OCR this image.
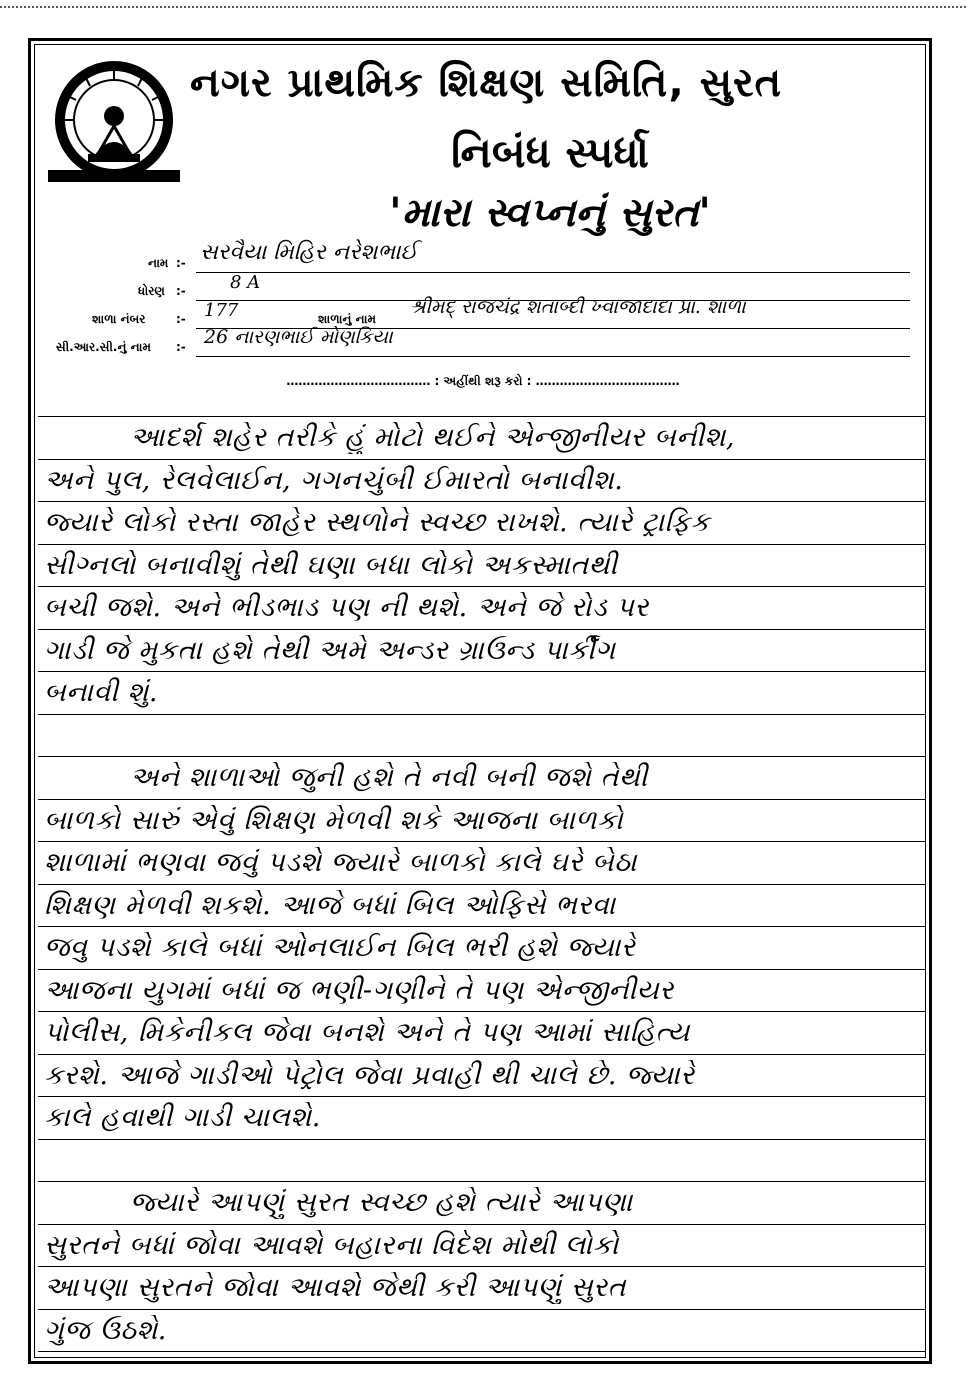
નગર પ્રાથમિક શિક્ષણ સમિતિ, સુરત
નિબંધ સ્પર્ધા
'મારા સ્વપ્નનું સુરત'
નામ :- સરવૈયા મિહિર નરેશભાઈ
ધોરણ :- 8 A
શાળા નંબર	:- 177	શાળાનું નામ
શ્રીમદ્ રાજચંદ્ર શતાબ્દી ખ્વાજાદાદા પ્રા. શાળા
સી.આર.સી.નું નામ :- 26 નારણભાઈ મોણકિયા
……………………………… : અહીંથી શરૂ કરો : ………………………………
આદર્શ શહેર તરીકે હું મોટો થઈને એન્જીનીયર બનીશ,
અને પુલ, રેલવેલાઈન, ગગનચુંબી ઈમારતો બનાવીશ.
જ્યારે લોકો રસ્તા જાહેર સ્થળોને સ્વચ્છ રાખશે. ત્યારે ટ્રાફિક
સીગ્નલો બનાવીશું તેથી ઘણા બધા લોકો અકસ્માતથી
બચી જશે. અને ભીડભાડ પણ ની થશે. અને જે રોડ પર
ગાડી જે મુકતા હશે તેથી અમે અન્ડર ગ્રાઉન્ડ પાર્કીંગ
બનાવી શું.
અને શાળાઓ જુની હશે તે નવી બની જશે તેથી
બાળકો સારું એવું શિક્ષણ મેળવી શકે આજના બાળકો
શાળામાં ભણવા જવું પડશે જ્યારે બાળકો કાલે ઘરે બેઠા
શિક્ષણ મેળવી શકશે. આજે બધાં બિલ ઓફિસે ભરવા
જવુ પડશે કાલે બધાં ઓનલાઈન બિલ ભરી હશે જ્યારે
આજના યુગમાં બધાં જ ભણી-ગણીને તે પણ એન્જીનીયર
પોલીસ, મિકેનીકલ જેવા બનશે અને તે પણ આમાં સાહિત્ય
કરશે. આજે ગાડીઓ પેટ્રોલ જેવા પ્રવાહી થી ચાલે છે. જ્યારે
કાલે હવાથી ગાડી ચાલશે.
જ્યારે આપણું સુરત સ્વચ્છ હશે ત્યારે આપણા
સુરતને બધાં જોવા આવશે બહારના વિદેશ મોથી લોકો
આપણા સુરતને જોવા આવશે જેથી કરી આપણું સુરત
ગુંજ ઉઠશે.
